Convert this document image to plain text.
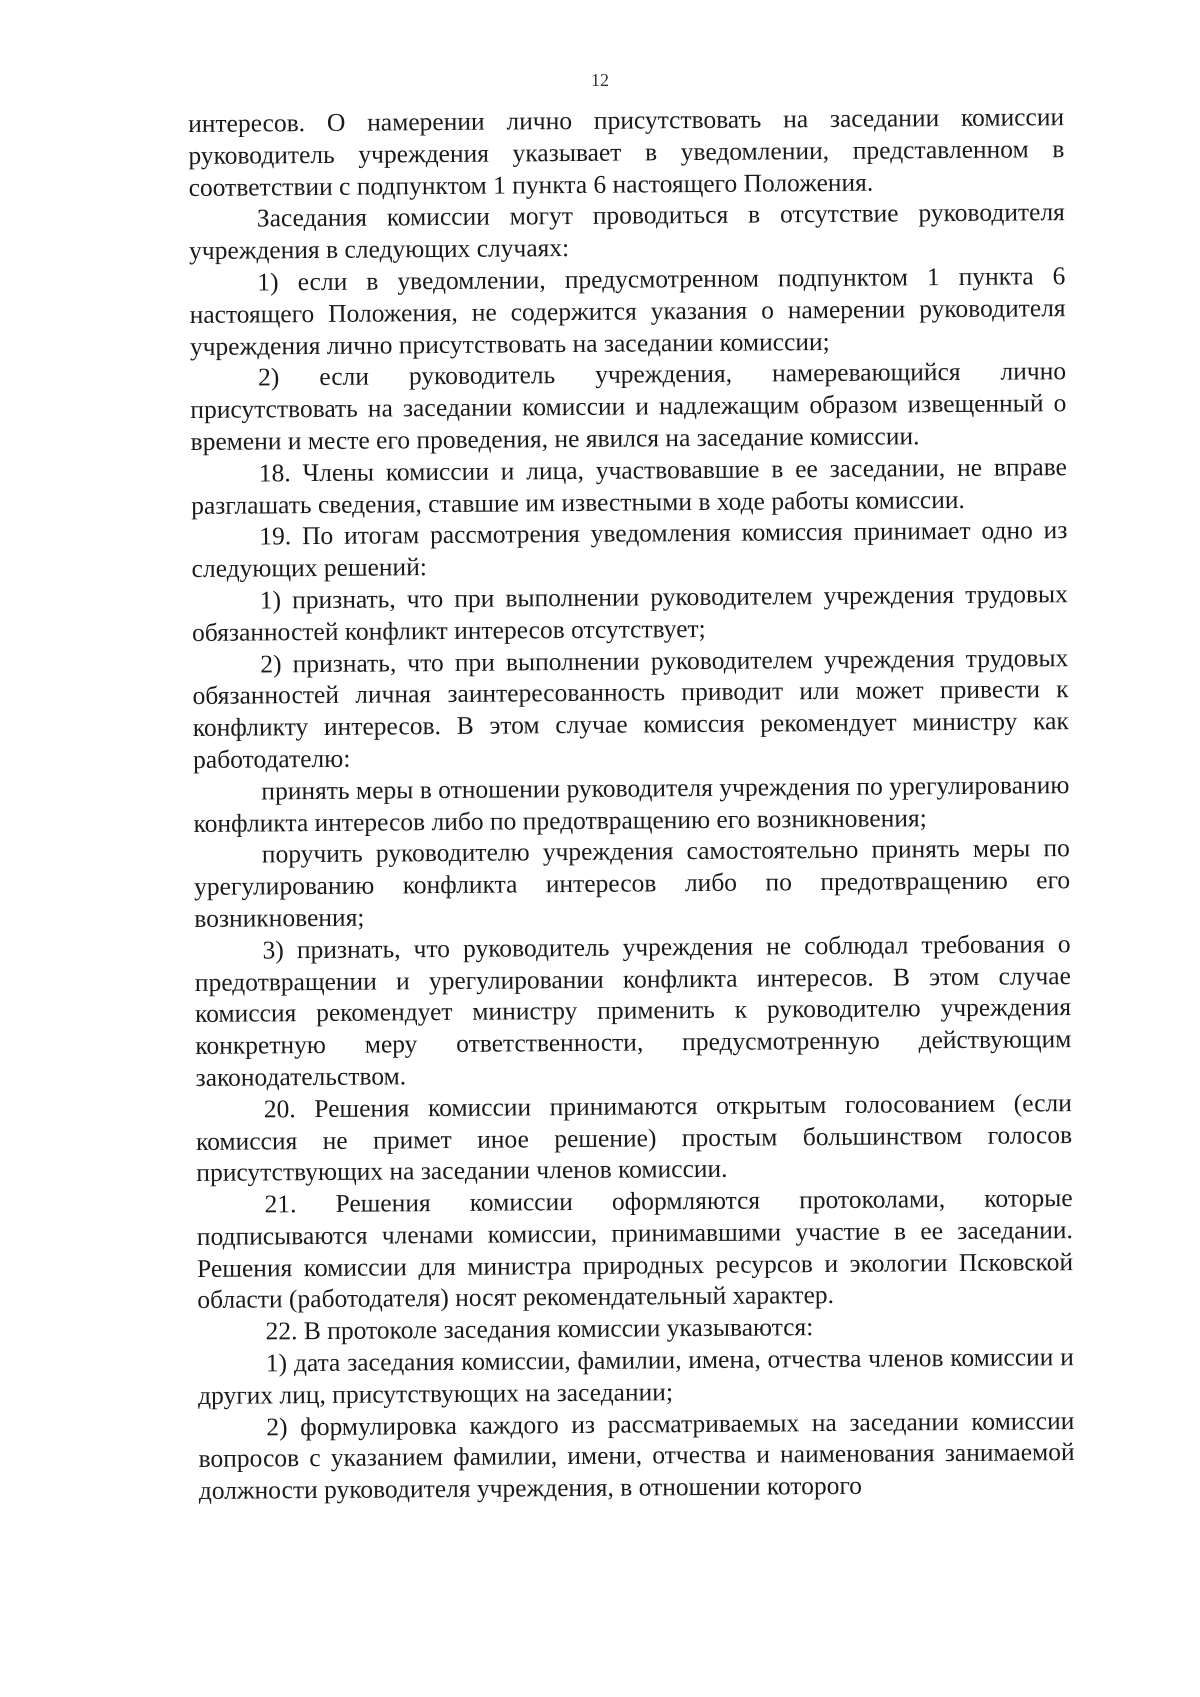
12

интересов. О намерении лично присутствовать на заседании комиссии руководитель учреждения указывает в уведомлении, представленном в соответствии с подпунктом 1 пункта 6 настоящего Положения.

Заседания комиссии могут проводиться в отсутствие руководителя учреждения в следующих случаях:

1) если в уведомлении, предусмотренном подпунктом 1 пункта 6 настоящего Положения, не содержится указания о намерении руководителя учреждения лично присутствовать на заседании комиссии;

2) если руководитель учреждения, намеревающийся лично присутствовать на заседании комиссии и надлежащим образом извещенный о времени и месте его проведения, не явился на заседание комиссии.

18. Члены комиссии и лица, участвовавшие в ее заседании, не вправе разглашать сведения, ставшие им известными в ходе работы комиссии.

19. По итогам рассмотрения уведомления комиссия принимает одно из следующих решений:

1) признать, что при выполнении руководителем учреждения трудовых обязанностей конфликт интересов отсутствует;

2) признать, что при выполнении руководителем учреждения трудовых обязанностей личная заинтересованность приводит или может привести к конфликту интересов. В этом случае комиссия рекомендует министру как работодателю:

принять меры в отношении руководителя учреждения по урегулированию конфликта интересов либо по предотвращению его возникновения;

поручить руководителю учреждения самостоятельно принять меры по урегулированию конфликта интересов либо по предотвращению его возникновения;

3) признать, что руководитель учреждения не соблюдал требования о предотвращении и урегулировании конфликта интересов. В этом случае комиссия рекомендует министру применить к руководителю учреждения конкретную меру ответственности, предусмотренную действующим законодательством.

20. Решения комиссии принимаются открытым голосованием (если комиссия не примет иное решение) простым большинством голосов присутствующих на заседании членов комиссии.

21. Решения комиссии оформляются протоколами, которые подписываются членами комиссии, принимавшими участие в ее заседании. Решения комиссии для министра природных ресурсов и экологии Псковской области (работодателя) носят рекомендательный характер.

22. В протоколе заседания комиссии указываются:

1) дата заседания комиссии, фамилии, имена, отчества членов комиссии и других лиц, присутствующих на заседании;

2) формулировка каждого из рассматриваемых на заседании комиссии вопросов с указанием фамилии, имени, отчества и наименования занимаемой должности руководителя учреждения, в отношении которого
